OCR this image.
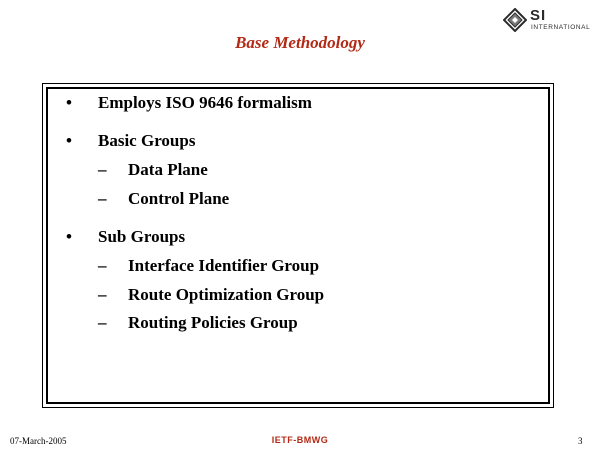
SI
INTERNATIONAL
Base Methodology
• Employs ISO 9646 formalism
• Basic Groups
– Data Plane
– Control Plane
• Sub Groups
– Interface Identifier Group
– Route Optimization Group
– Routing Policies Group
07-March-2005	IETF-BMWG	3
